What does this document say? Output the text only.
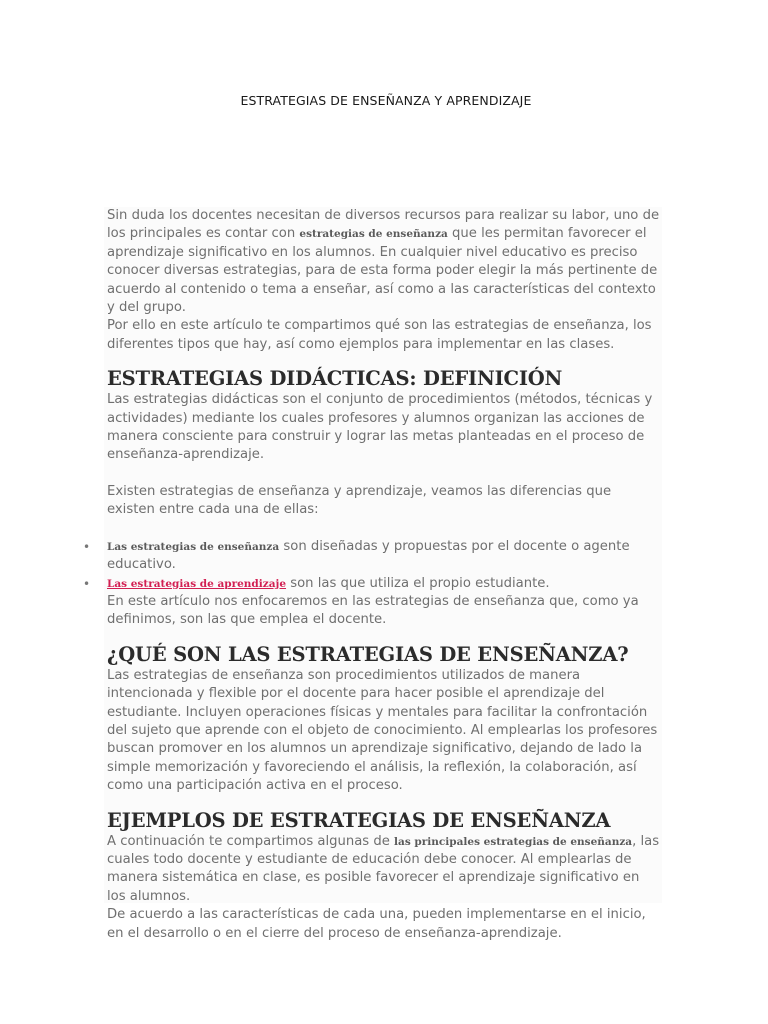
ESTRATEGIAS DE ENSEÑANZA Y APRENDIZAJE

Sin duda los docentes necesitan de diversos recursos para realizar su labor, uno de los principales es contar con estrategias de enseñanza que les permitan favorecer el aprendizaje significativo en los alumnos. En cualquier nivel educativo es preciso conocer diversas estrategias, para de esta forma poder elegir la más pertinente de acuerdo al contenido o tema a enseñar, así como a las características del contexto y del grupo.

Por ello en este artículo te compartimos qué son las estrategias de enseñanza, los diferentes tipos que hay, así como ejemplos para implementar en las clases.

ESTRATEGIAS DIDÁCTICAS: DEFINICIÓN

Las estrategias didácticas son el conjunto de procedimientos (métodos, técnicas y actividades) mediante los cuales profesores y alumnos organizan las acciones de manera consciente para construir y lograr las metas planteadas en el proceso de enseñanza-aprendizaje.

Existen estrategias de enseñanza y aprendizaje, veamos las diferencias que existen entre cada una de ellas:

• Las estrategias de enseñanza son diseñadas y propuestas por el docente o agente educativo.
• Las estrategias de aprendizaje son las que utiliza el propio estudiante.

En este artículo nos enfocaremos en las estrategias de enseñanza que, como ya definimos, son las que emplea el docente.

¿QUÉ SON LAS ESTRATEGIAS DE ENSEÑANZA?

Las estrategias de enseñanza son procedimientos utilizados de manera intencionada y flexible por el docente para hacer posible el aprendizaje del estudiante. Incluyen operaciones físicas y mentales para facilitar la confrontación del sujeto que aprende con el objeto de conocimiento. Al emplearlas los profesores buscan promover en los alumnos un aprendizaje significativo, dejando de lado la simple memorización y favoreciendo el análisis, la reflexión, la colaboración, así como una participación activa en el proceso.

EJEMPLOS DE ESTRATEGIAS DE ENSEÑANZA

A continuación te compartimos algunas de las principales estrategias de enseñanza, las cuales todo docente y estudiante de educación debe conocer. Al emplearlas de manera sistemática en clase, es posible favorecer el aprendizaje significativo en los alumnos.

De acuerdo a las características de cada una, pueden implementarse en el inicio, en el desarrollo o en el cierre del proceso de enseñanza-aprendizaje.
